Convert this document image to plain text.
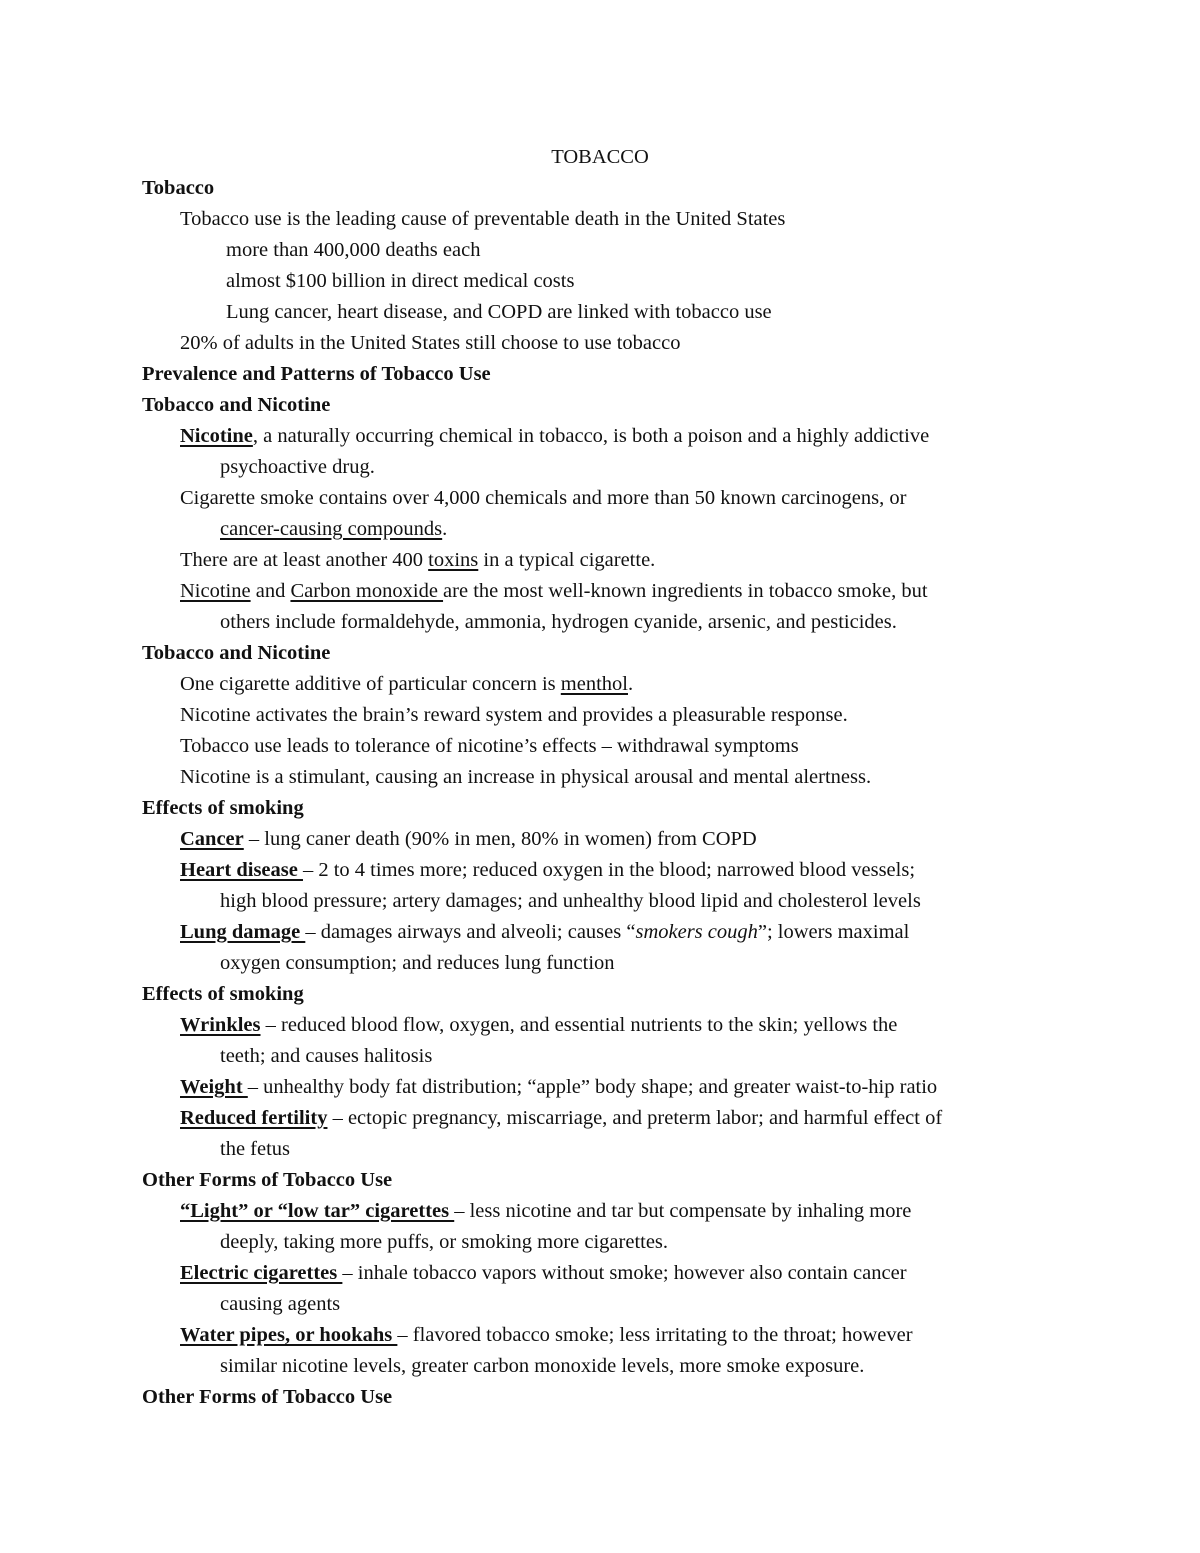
TOBACCO
Tobacco
Tobacco use is the leading cause of preventable death in the United States
more than 400,000 deaths each
almost $100 billion in direct medical costs
Lung cancer, heart disease, and COPD are linked with tobacco use
20% of adults in the United States still choose to use tobacco
Prevalence and Patterns of Tobacco Use
Tobacco and Nicotine
Nicotine, a naturally occurring chemical in tobacco, is both a poison and a highly addictive
psychoactive drug.
Cigarette smoke contains over 4,000 chemicals and more than 50 known carcinogens, or
cancer-causing compounds.
There are at least another 400 toxins in a typical cigarette.
Nicotine and Carbon monoxide are the most well-known ingredients in tobacco smoke, but
others include formaldehyde, ammonia, hydrogen cyanide, arsenic, and pesticides.
Tobacco and Nicotine
One cigarette additive of particular concern is menthol.
Nicotine activates the brain’s reward system and provides a pleasurable response.
Tobacco use leads to tolerance of nicotine’s effects – withdrawal symptoms
Nicotine is a stimulant, causing an increase in physical arousal and mental alertness.
Effects of smoking
Cancer – lung caner death (90% in men, 80% in women) from COPD
Heart disease – 2 to 4 times more; reduced oxygen in the blood; narrowed blood vessels;
high blood pressure; artery damages; and unhealthy blood lipid and cholesterol levels
Lung damage – damages airways and alveoli; causes “smokers cough”; lowers maximal
oxygen consumption; and reduces lung function
Effects of smoking
Wrinkles – reduced blood flow, oxygen, and essential nutrients to the skin; yellows the
teeth; and causes halitosis
Weight – unhealthy body fat distribution; “apple” body shape; and greater waist-to-hip ratio
Reduced fertility – ectopic pregnancy, miscarriage, and preterm labor; and harmful effect of
the fetus
Other Forms of Tobacco Use
“Light” or “low tar” cigarettes – less nicotine and tar but compensate by inhaling more
deeply, taking more puffs, or smoking more cigarettes.
Electric cigarettes – inhale tobacco vapors without smoke; however also contain cancer
causing agents
Water pipes, or hookahs – flavored tobacco smoke; less irritating to the throat; however
similar nicotine levels, greater carbon monoxide levels, more smoke exposure.
Other Forms of Tobacco Use
